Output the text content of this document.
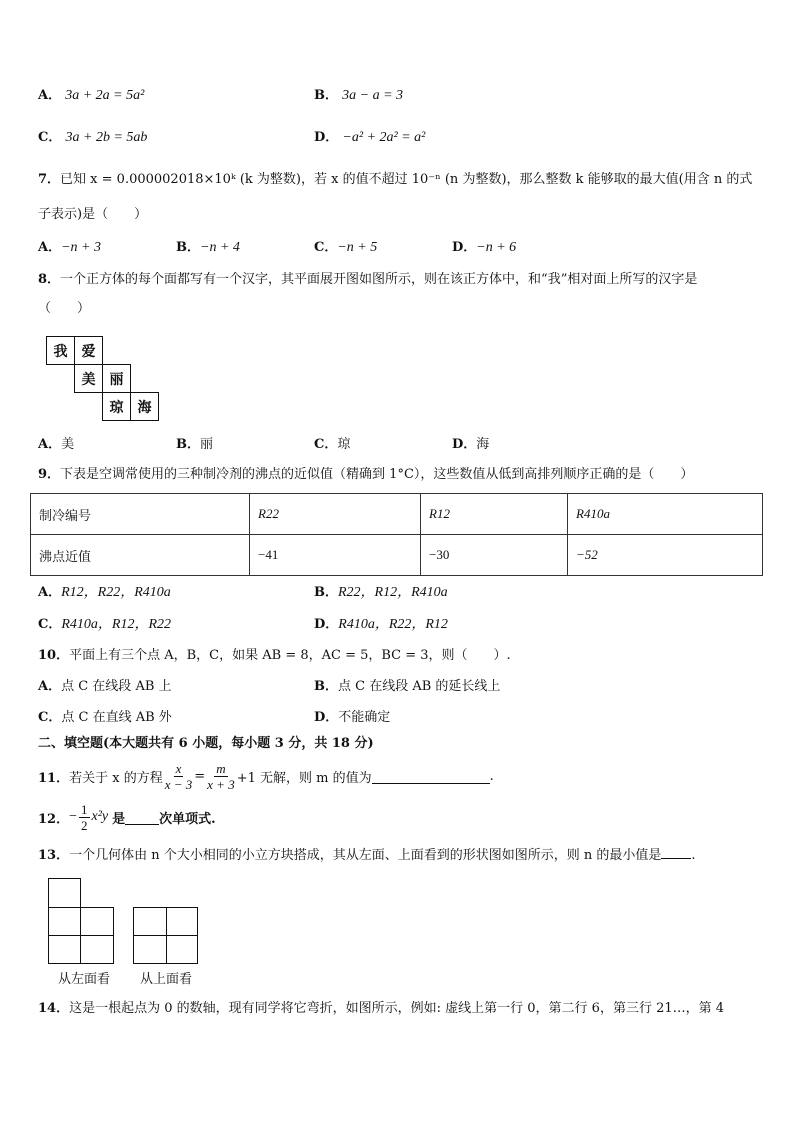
A． 3a + 2a = 5a²	B． 3a − a = 3
C． 3a + 2b = 5ab	D． −a² + 2a² = a²
7．已知 x = 0.000002018×10ᵏ (k 为整数)，若 x 的值不超过 10⁻ⁿ (n 为整数)，那么整数 k 能够取的最大值(用含 n 的式
子表示)是（　　）
A．−n + 3	B．−n + 4	C．−n + 5	D．−n + 6
8．一个正方体的每个面都写有一个汉字，其平面展开图如图所示，则在该正方体中，和“我”相对面上所写的汉字是
（　　）
我	爱
美	丽
琼	海
A．美	B．丽	C．琼	D．海
9．下表是空调常使用的三种制冷剂的沸点的近似值（精确到 1°C），这些数值从低到高排列顺序正确的是（　　）
制冷编号	R22	R12	R410a
沸点近值	−41	−30	−52
A．R12，R22，R410a	B．R22，R12，R410a
C．R410a，R12，R22	D．R410a，R22，R12
10．平面上有三个点 A，B，C，如果 AB = 8，AC = 5，BC = 3，则（　　）.
A．点 C 在线段 AB 上	B．点 C 在线段 AB 的延长线上
C．点 C 在直线 AB 外	D．不能确定
二、填空题(本大题共有 6 小题，每小题 3 分，共 18 分)
11． 若关于 x 的方程 $\frac{x}{x - 3} = \frac{m}{x + 3} +1$ 无解，则 m 的值为	.
12． − $\frac{1}{2} x^2y$ 是	次单项式.
13．一个几何体由 n 个大小相同的小立方块搭成，其从左面、上面看到的形状图如图所示，则 n 的最小值是 .
从左面看 从上面看
14．这是一根起点为 0 的数轴，现有同学将它弯折，如图所示，例如: 虚线上第一行 0，第二行 6，第三行 21…，第 4
